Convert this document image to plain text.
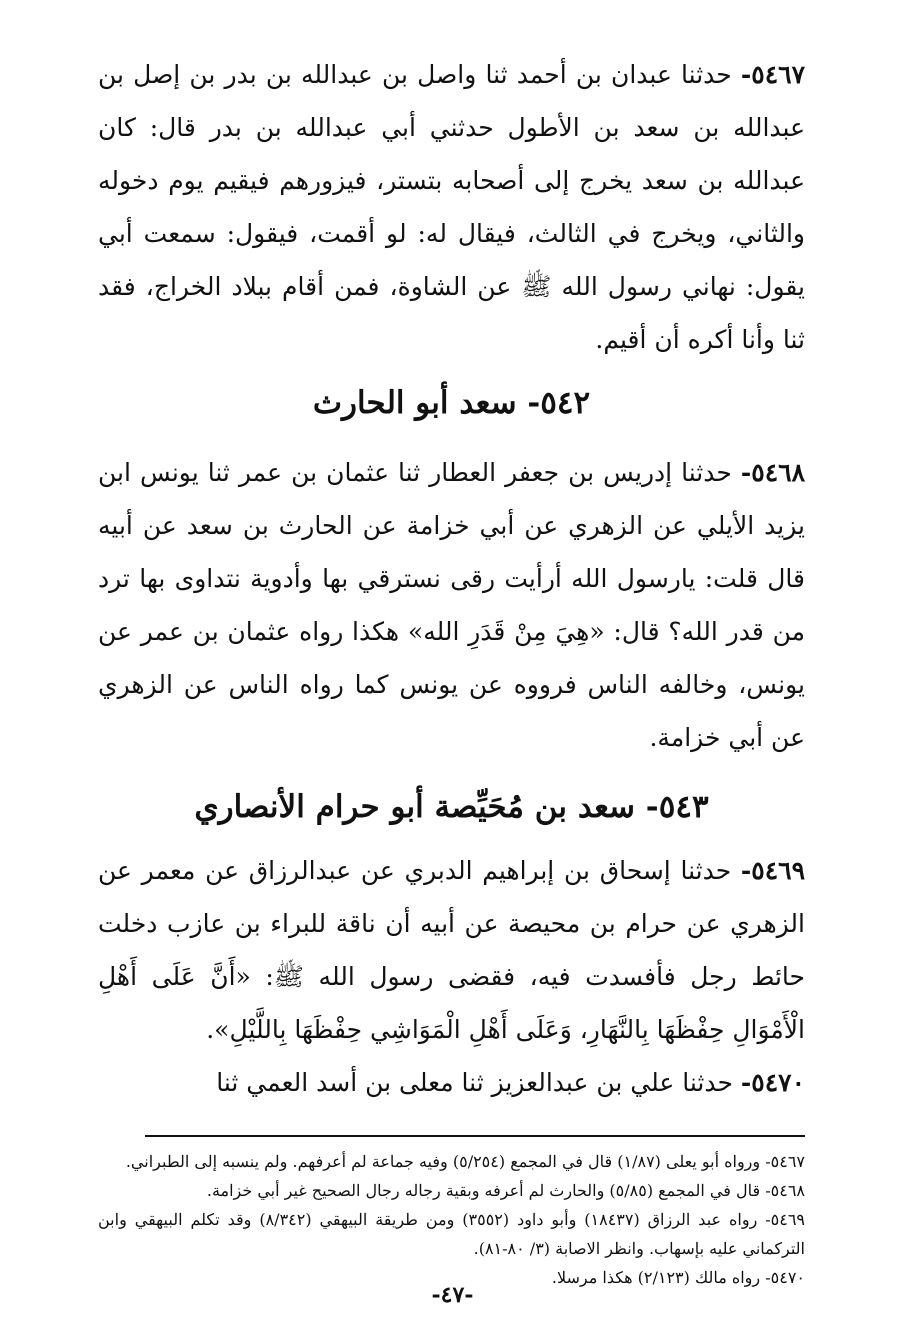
٥٤٦٧- حدثنا عبدان بن أحمد ثنا واصل بن عبدالله بن بدر بن إصل بن عبدالله بن سعد بن الأطول حدثني أبي عبدالله بن بدر قال: كان عبدالله بن سعد يخرج إلى أصحابه بتستر، فيزورهم فيقيم يوم دخوله والثاني، ويخرج في الثالث، فيقال له: لو أقمت، فيقول: سمعت أبي يقول: نهاني رسول الله ﷺ عن الشاوة، فمن أقام ببلاد الخراج، فقد ثنا وأنا أكره أن أقيم.

٥٤٢- سعد أبو الحارث

٥٤٦٨- حدثنا إدريس بن جعفر العطار ثنا عثمان بن عمر ثنا يونس ابن يزيد الأيلي عن الزهري عن أبي خزامة عن الحارث بن سعد عن أبيه قال قلت: يارسول الله أرأيت رقى نسترقي بها وأدوية نتداوى بها ترد من قدر الله؟ قال: «هِيَ مِنْ قَدَرِ الله» هكذا رواه عثمان بن عمر عن يونس، وخالفه الناس فرووه عن يونس كما رواه الناس عن الزهري عن أبي خزامة.

٥٤٣- سعد بن مُحَيِّصة أبو حرام الأنصاري

٥٤٦٩- حدثنا إسحاق بن إبراهيم الدبري عن عبدالرزاق عن معمر عن الزهري عن حرام بن محيصة عن أبيه أن ناقة للبراء بن عازب دخلت حائط رجل فأفسدت فيه، فقضى رسول الله ﷺ: «أَنَّ عَلَى أَهْلِ الْأَمْوَالِ حِفْظَهَا بِالنَّهَارِ، وَعَلَى أَهْلِ الْمَوَاشِي حِفْظَهَا بِاللَّيْلِ».

٥٤٧٠- حدثنا علي بن عبدالعزيز ثنا معلى بن أسد العمي ثنا

٥٤٦٧- ورواه أبو يعلى (١/٨٧) قال في المجمع (٥/٢٥٤) وفيه جماعة لم أعرفهم. ولم ينسبه إلى الطبراني.

٥٤٦٨- قال في المجمع (٥/٨٥) والحارث لم أعرفه وبقية رجاله رجال الصحيح غير أبي خزامة.

٥٤٦٩- رواه عبد الرزاق (١٨٤٣٧) وأبو داود (٣٥٥٢) ومن طريقة البيهقي (٨/٣٤٢) وقد تكلم البيهقي وابن التركماني عليه بإسهاب. وانظر الاصابة (٣/ ٨٠-٨١).

٥٤٧٠- رواه مالك (٢/١٢٣) هكذا مرسلا.

-٤٧-
